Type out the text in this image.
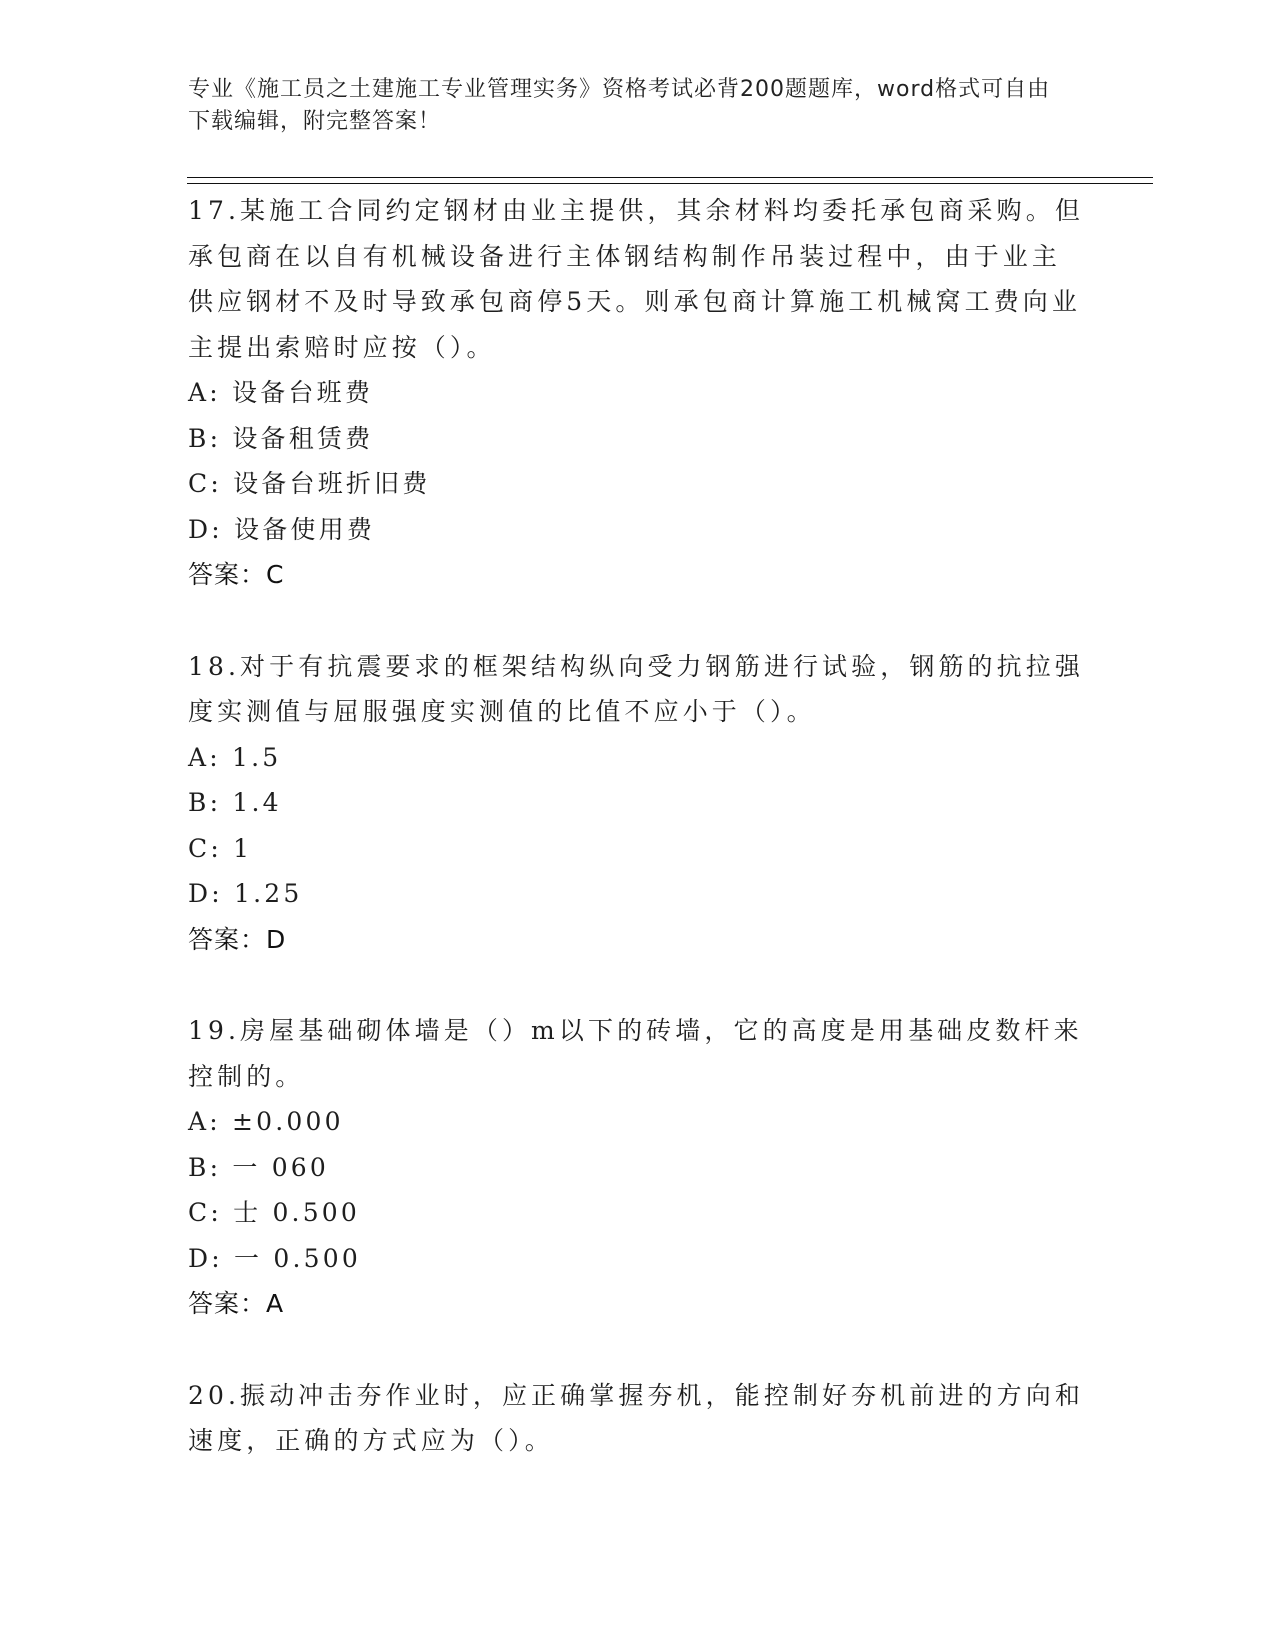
专业《施工员之土建施工专业管理实务》资格考试必背200题题库，word格式可自由下载编辑，附完整答案！
17.某施工合同约定钢材由业主提供，其余材料均委托承包商采购。但承包商在以自有机械设备进行主体钢结构制作吊装过程中，由于业主供应钢材不及时导致承包商停5天。则承包商计算施工机械窝工费向业主提出索赔时应按（）。
A: 设备台班费
B: 设备租赁费
C: 设备台班折旧费
D: 设备使用费
答案：C
18.对于有抗震要求的框架结构纵向受力钢筋进行试验，钢筋的抗拉强度实测值与屈服强度实测值的比值不应小于（）。
A: 1.5
B: 1.4
C: 1
D: 1.25
答案：D
19.房屋基础砌体墙是（）m以下的砖墙，它的高度是用基础皮数杆来控制的。
A: ±0.000
B: 一 060
C: 士 0.500
D: 一 0.500
答案：A
20.振动冲击夯作业时，应正确掌握夯机，能控制好夯机前进的方向和速度，正确的方式应为（）。
